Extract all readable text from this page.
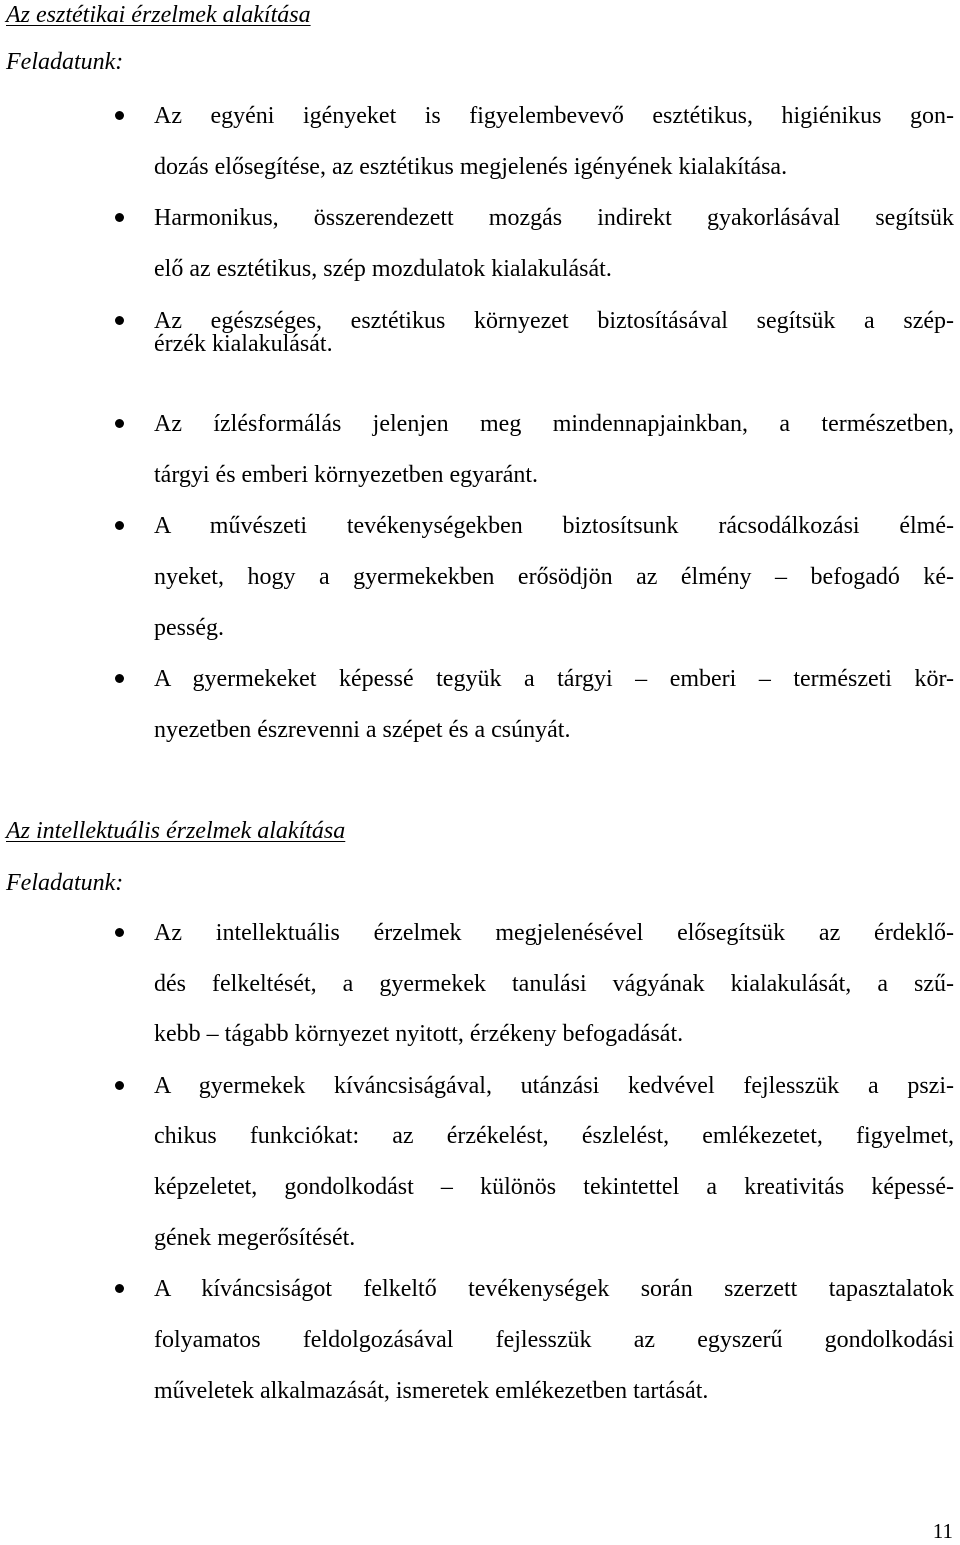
Az esztétikai érzelmek alakítása
Feladatunk:
Az egyéni igényeket is figyelembevevő esztétikus, higiénikus gon-
dozás elősegítése, az esztétikus megjelenés igényének kialakítása.
Harmonikus, összerendezett mozgás indirekt gyakorlásával segítsük
elő az esztétikus, szép mozdulatok kialakulását.
Az egészséges, esztétikus környezet biztosításával segítsük a szép-
érzék kialakulását.
Az ízlésformálás jelenjen meg mindennapjainkban, a természetben,
tárgyi és emberi környezetben egyaránt.
A művészeti tevékenységekben biztosítsunk rácsodálkozási élmé-
nyeket, hogy a gyermekekben erősödjön az élmény – befogadó ké-
pesség.
A gyermekeket képessé tegyük a tárgyi – emberi – természeti kör-
nyezetben észrevenni a szépet és a csúnyát.
Az intellektuális érzelmek alakítása
Feladatunk:
Az intellektuális érzelmek megjelenésével elősegítsük az érdeklő-
dés felkeltését, a gyermekek tanulási vágyának kialakulását, a szű-
kebb – tágabb környezet nyitott, érzékeny befogadását.
A gyermekek kíváncsiságával, utánzási kedvével fejlesszük a pszi-
chikus funkciókat: az érzékelést, észlelést, emlékezetet, figyelmet,
képzeletet, gondolkodást – különös tekintettel a kreativitás képessé-
gének megerősítését.
A kíváncsiságot felkeltő tevékenységek során szerzett tapasztalatok
folyamatos feldolgozásával fejlesszük az egyszerű gondolkodási
műveletek alkalmazását, ismeretek emlékezetben tartását.
11
